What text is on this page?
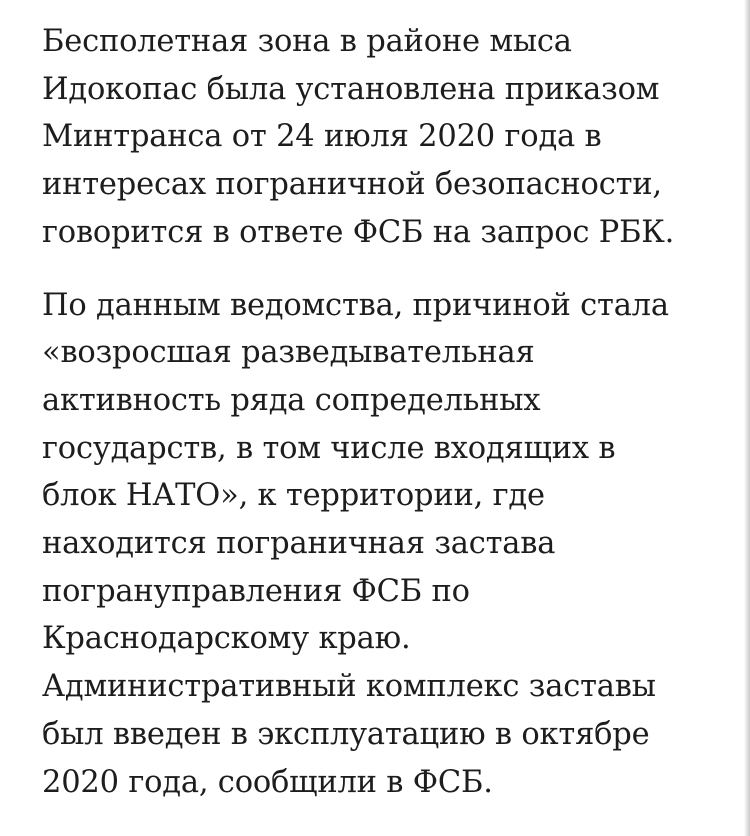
Бесполетная зона в районе мыса
Идокопас была установлена приказом
Минтранса от 24 июля 2020 года в
интересах пограничной безопасности,
говорится в ответе ФСБ на запрос РБК.

По данным ведомства, причиной стала
«возросшая разведывательная
активность ряда сопредельных
государств, в том числе входящих в
блок НАТО», к территории, где
находится пограничная застава
погрануправления ФСБ по
Краснодарскому краю.
Административный комплекс заставы
был введен в эксплуатацию в октябре
2020 года, сообщили в ФСБ.
